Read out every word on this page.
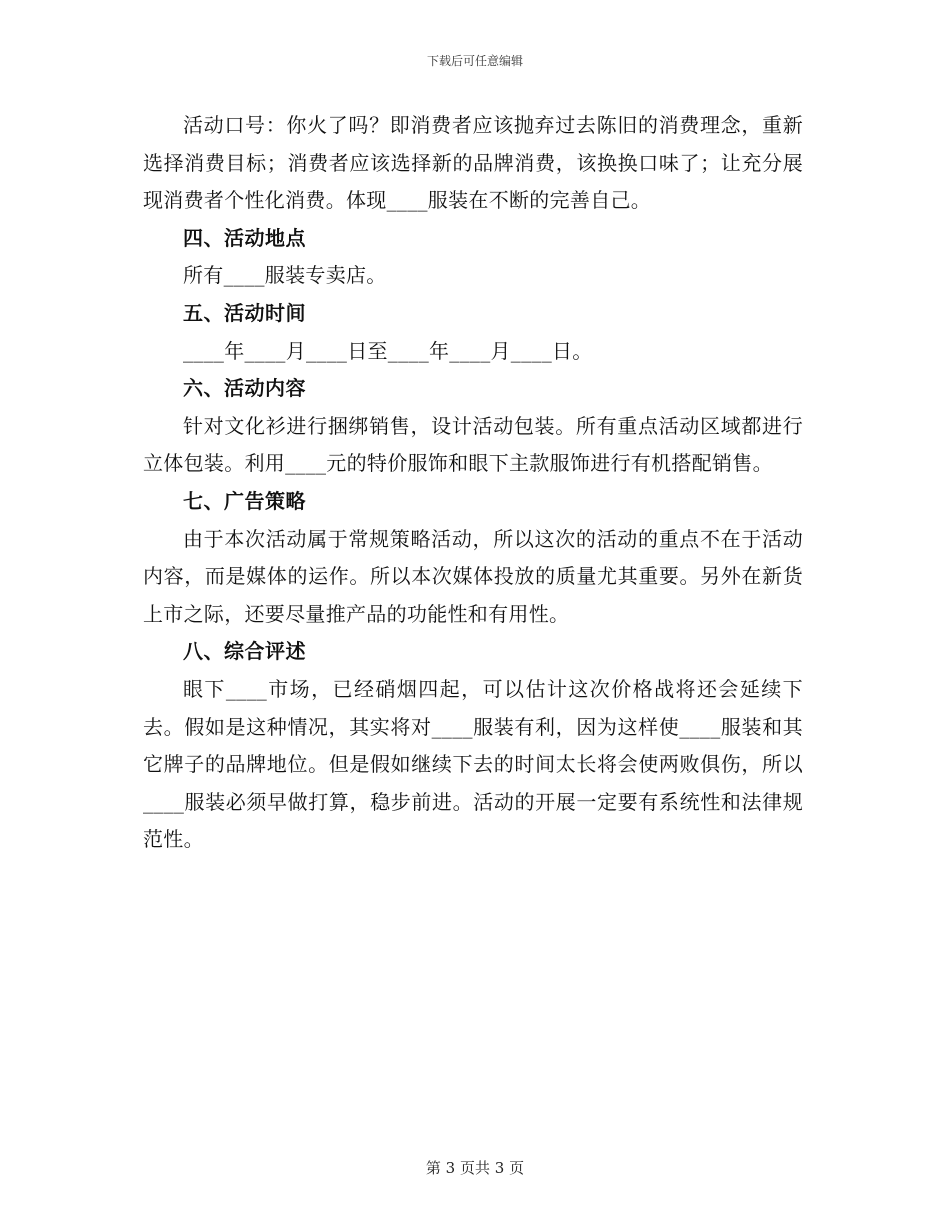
下载后可任意编辑

活动口号：你火了吗？即消费者应该抛弃过去陈旧的消费理念，重新选择消费目标；消费者应该选择新的品牌消费，该换换口味了；让充分展现消费者个性化消费。体现____服装在不断的完善自己。

四、活动地点

所有____服装专卖店。

五、活动时间

____年____月____日至____年____月____日。

六、活动内容

针对文化衫进行捆绑销售，设计活动包装。所有重点活动区域都进行立体包装。利用____元的特价服饰和眼下主款服饰进行有机搭配销售。

七、广告策略

由于本次活动属于常规策略活动，所以这次的活动的重点不在于活动内容，而是媒体的运作。所以本次媒体投放的质量尤其重要。另外在新货上市之际，还要尽量推产品的功能性和有用性。

八、综合评述

眼下____市场，已经硝烟四起，可以估计这次价格战将还会延续下去。假如是这种情况，其实将对____服装有利，因为这样使____服装和其它牌子的品牌地位。但是假如继续下去的时间太长将会使两败俱伤，所以____服装必须早做打算，稳步前进。活动的开展一定要有系统性和法律规范性。

第 3 页共 3 页
